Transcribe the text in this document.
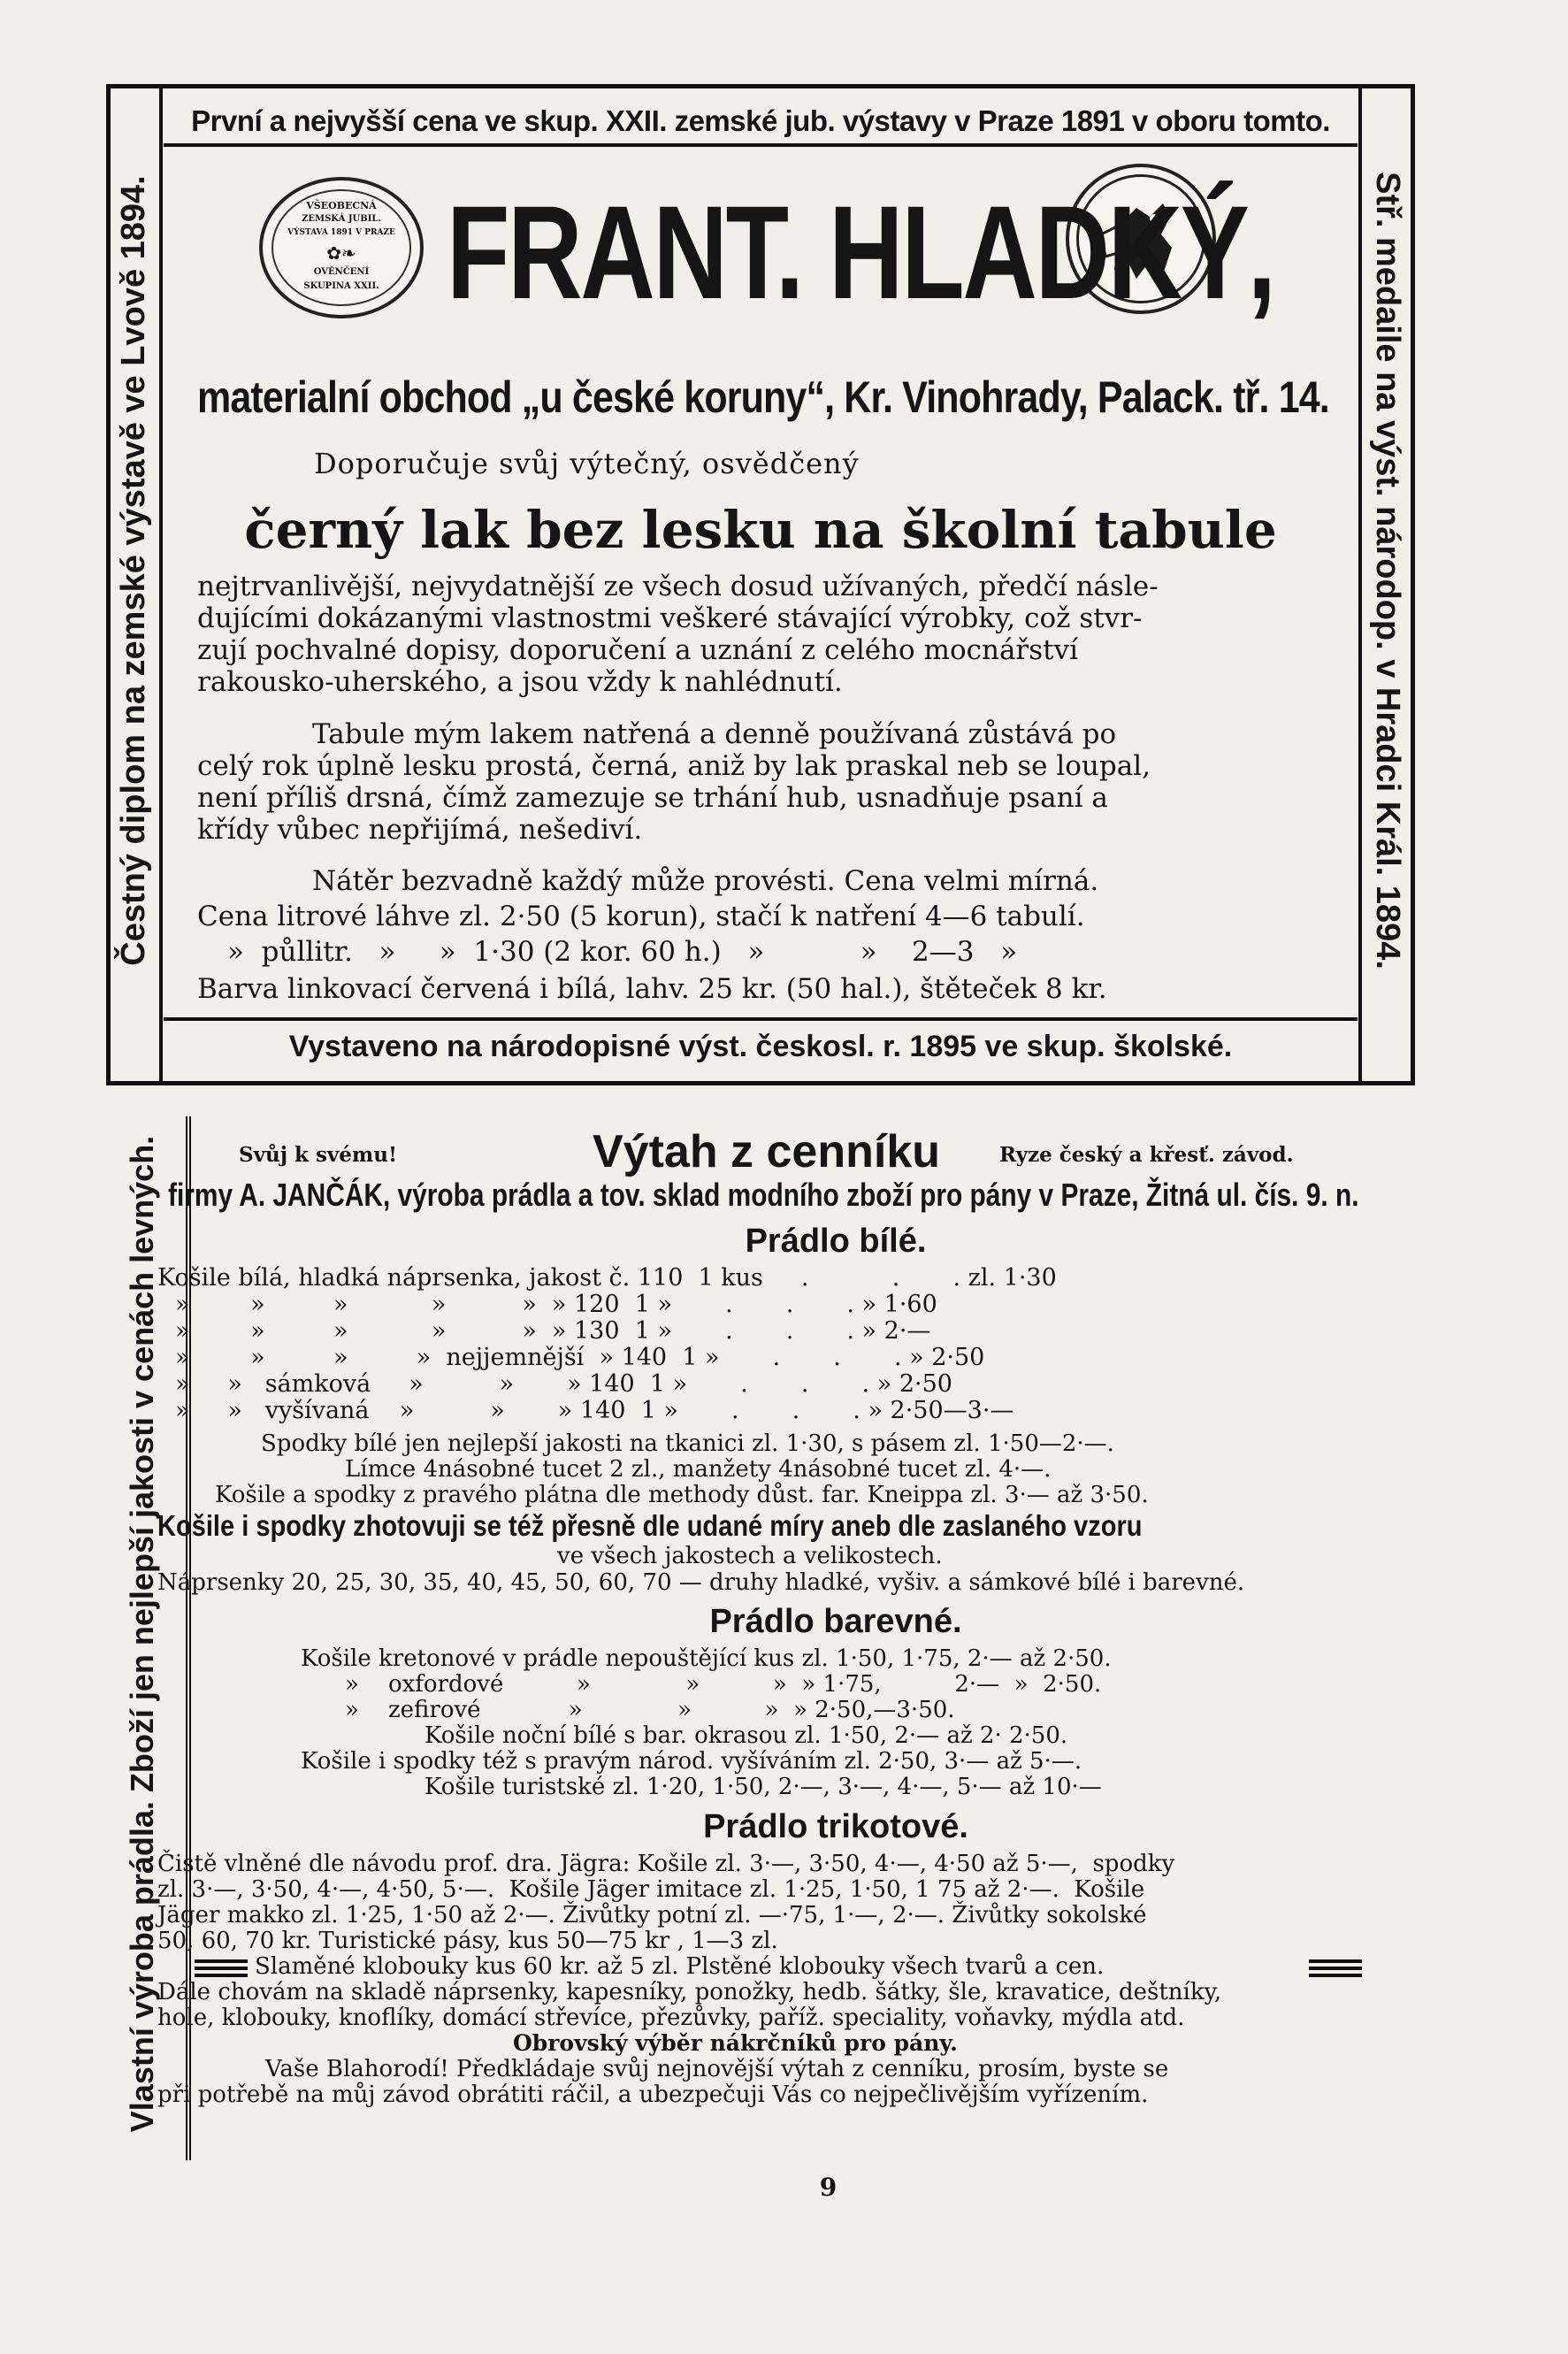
První a nejvyšší cena ve skup. XXII. zemské jub. výstavy v Praze 1891 v oboru tomto.
Čestný diplom na zemské výstavě ve Lvově 1894.	Stř. medaile na výst. národop. v Hradci Král. 1894.
VŠEOBECNÁ
ZEMSKÁ JUBIL.
VÝSTAVA 1891 V PRAZE
✿❧
OVĚNČENÍ
SKUPINA XXII. FRANT. HLADKÝ,
materialní obchod „u české koruny“, Kr. Vinohrady, Palack. tř. 14.
Doporučuje svůj výtečný, osvědčený
černý lak bez lesku na školní tabule
nejtrvanlivější, nejvydatnější ze všech dosud užívaných, předčí násle-
dujícími dokázanými vlastnostmi veškeré stávající výrobky, což stvr-
zují pochvalné dopisy, doporučení a uznání z celého mocnářství
rakousko-uherského, a jsou vždy k nahlédnutí.
Tabule mým lakem natřená a denně používaná zůstává po
celý rok úplně lesku prostá, černá, aniž by lak praskal neb se loupal,
není příliš drsná, čímž zamezuje se trhání hub, usnadňuje psaní a
křídy vůbec nepřijímá, nešediví.
Nátěr bezvadně každý může provésti. Cena velmi mírná.
Cena litrové láhve zl. 2·50 (5 korun), stačí k natření 4—6 tabulí.
»  půllitr.   »     »  1·30 (2 kor. 60 h.)   »           »    2—3   »
Barva linkovací červená i bílá, lahv. 25 kr. (50 hal.), štěteček 8 kr.
Vystaveno na národopisné výst. českosl. r. 1895 ve skup. školské.
Vlastní výroba prádla. Zboží jen nejlepší jakosti v cenách levných.	Svůj k svému!	Výtah z cenníku	Ryze český a křesť. závod.
firmy A. JANČÁK, výroba prádla a tov. sklad modního zboží pro pány v Praze, Žitná ul. čís. 9. n.
Prádlo bílé.
Košile bílá, hladká náprsenka, jakost č. 110  1 kus     .           .       . zl. 1·30
»        »         »           »          »  » 120  1 »       .       .       . » 1·60
»        »         »           »          »  » 130  1 »       .       .       . » 2·—
»        »         »         »  nejjemnější  » 140  1 »       .       .       . » 2·50
»     »   sámková     »          »       » 140  1 »       .       .       . » 2·50
»     »   vyšívaná    »          »       » 140  1 »       .       .       . » 2·50—3·—
Spodky bílé jen nejlepší jakosti na tkanici zl. 1·30, s pásem zl. 1·50—2·—.
Límce 4násobné tucet 2 zl., manžety 4násobné tucet zl. 4·—.
Košile a spodky z pravého plátna dle methody důst. far. Kneippa zl. 3·— až 3·50.
Košile i spodky zhotovuji se též přesně dle udané míry aneb dle zaslaného vzoru
ve všech jakostech a velikostech.
Náprsenky 20, 25, 30, 35, 40, 45, 50, 60, 70 — druhy hladké, vyšiv. a sámkové bílé i barevné.
Prádlo barevné.
Košile kretonové v prádle nepouštějící kus zl. 1·50, 1·75, 2·— až 2·50.
»    oxfordové          »             »          »  » 1·75,          2·—  »  2·50.
»    zefirové            »             »          »  » 2·50,—3·50.
Košile noční bílé s bar. okrasou zl. 1·50, 2·— až 2· 2·50.
Košile i spodky též s pravým národ. vyšíváním zl. 2·50, 3·— až 5·—.
Košile turistské zl. 1·20, 1·50, 2·—, 3·—, 4·—, 5·— až 10·—
Prádlo trikotové.
Čistě vlněné dle návodu prof. dra. Jägra: Košile zl. 3·—, 3·50, 4·—, 4·50 až 5·—,  spodky
zl. 3·—, 3·50, 4·—, 4·50, 5·—.  Košile Jäger imitace zl. 1·25, 1·50, 1 75 až 2·—.  Košile
Jäger makko zl. 1·25, 1·50 až 2·—. Živůtky potní zl. —·75, 1·—, 2·—. Živůtky sokolské
50, 60, 70 kr. Turistické pásy, kus 50—75 kr , 1—3 zl.
Slaměné klobouky kus 60 kr. až 5 zl. Plstěné klobouky všech tvarů a cen.
Dále chovám na skladě náprsenky, kapesníky, ponožky, hedb. šátky, šle, kravatice, deštníky,
hole, klobouky, knoflíky, domácí střevíce, přezůvky, paříž. speciality, voňavky, mýdla atd.
Obrovský výběr nákrčníků pro pány.
Vaše Blahorodí! Předkládaje svůj nejnovější výtah z cenníku, prosím, byste se
při potřebě na můj závod obrátiti ráčil, a ubezpečuji Vás co nejpečlivějším vyřízením.
9
